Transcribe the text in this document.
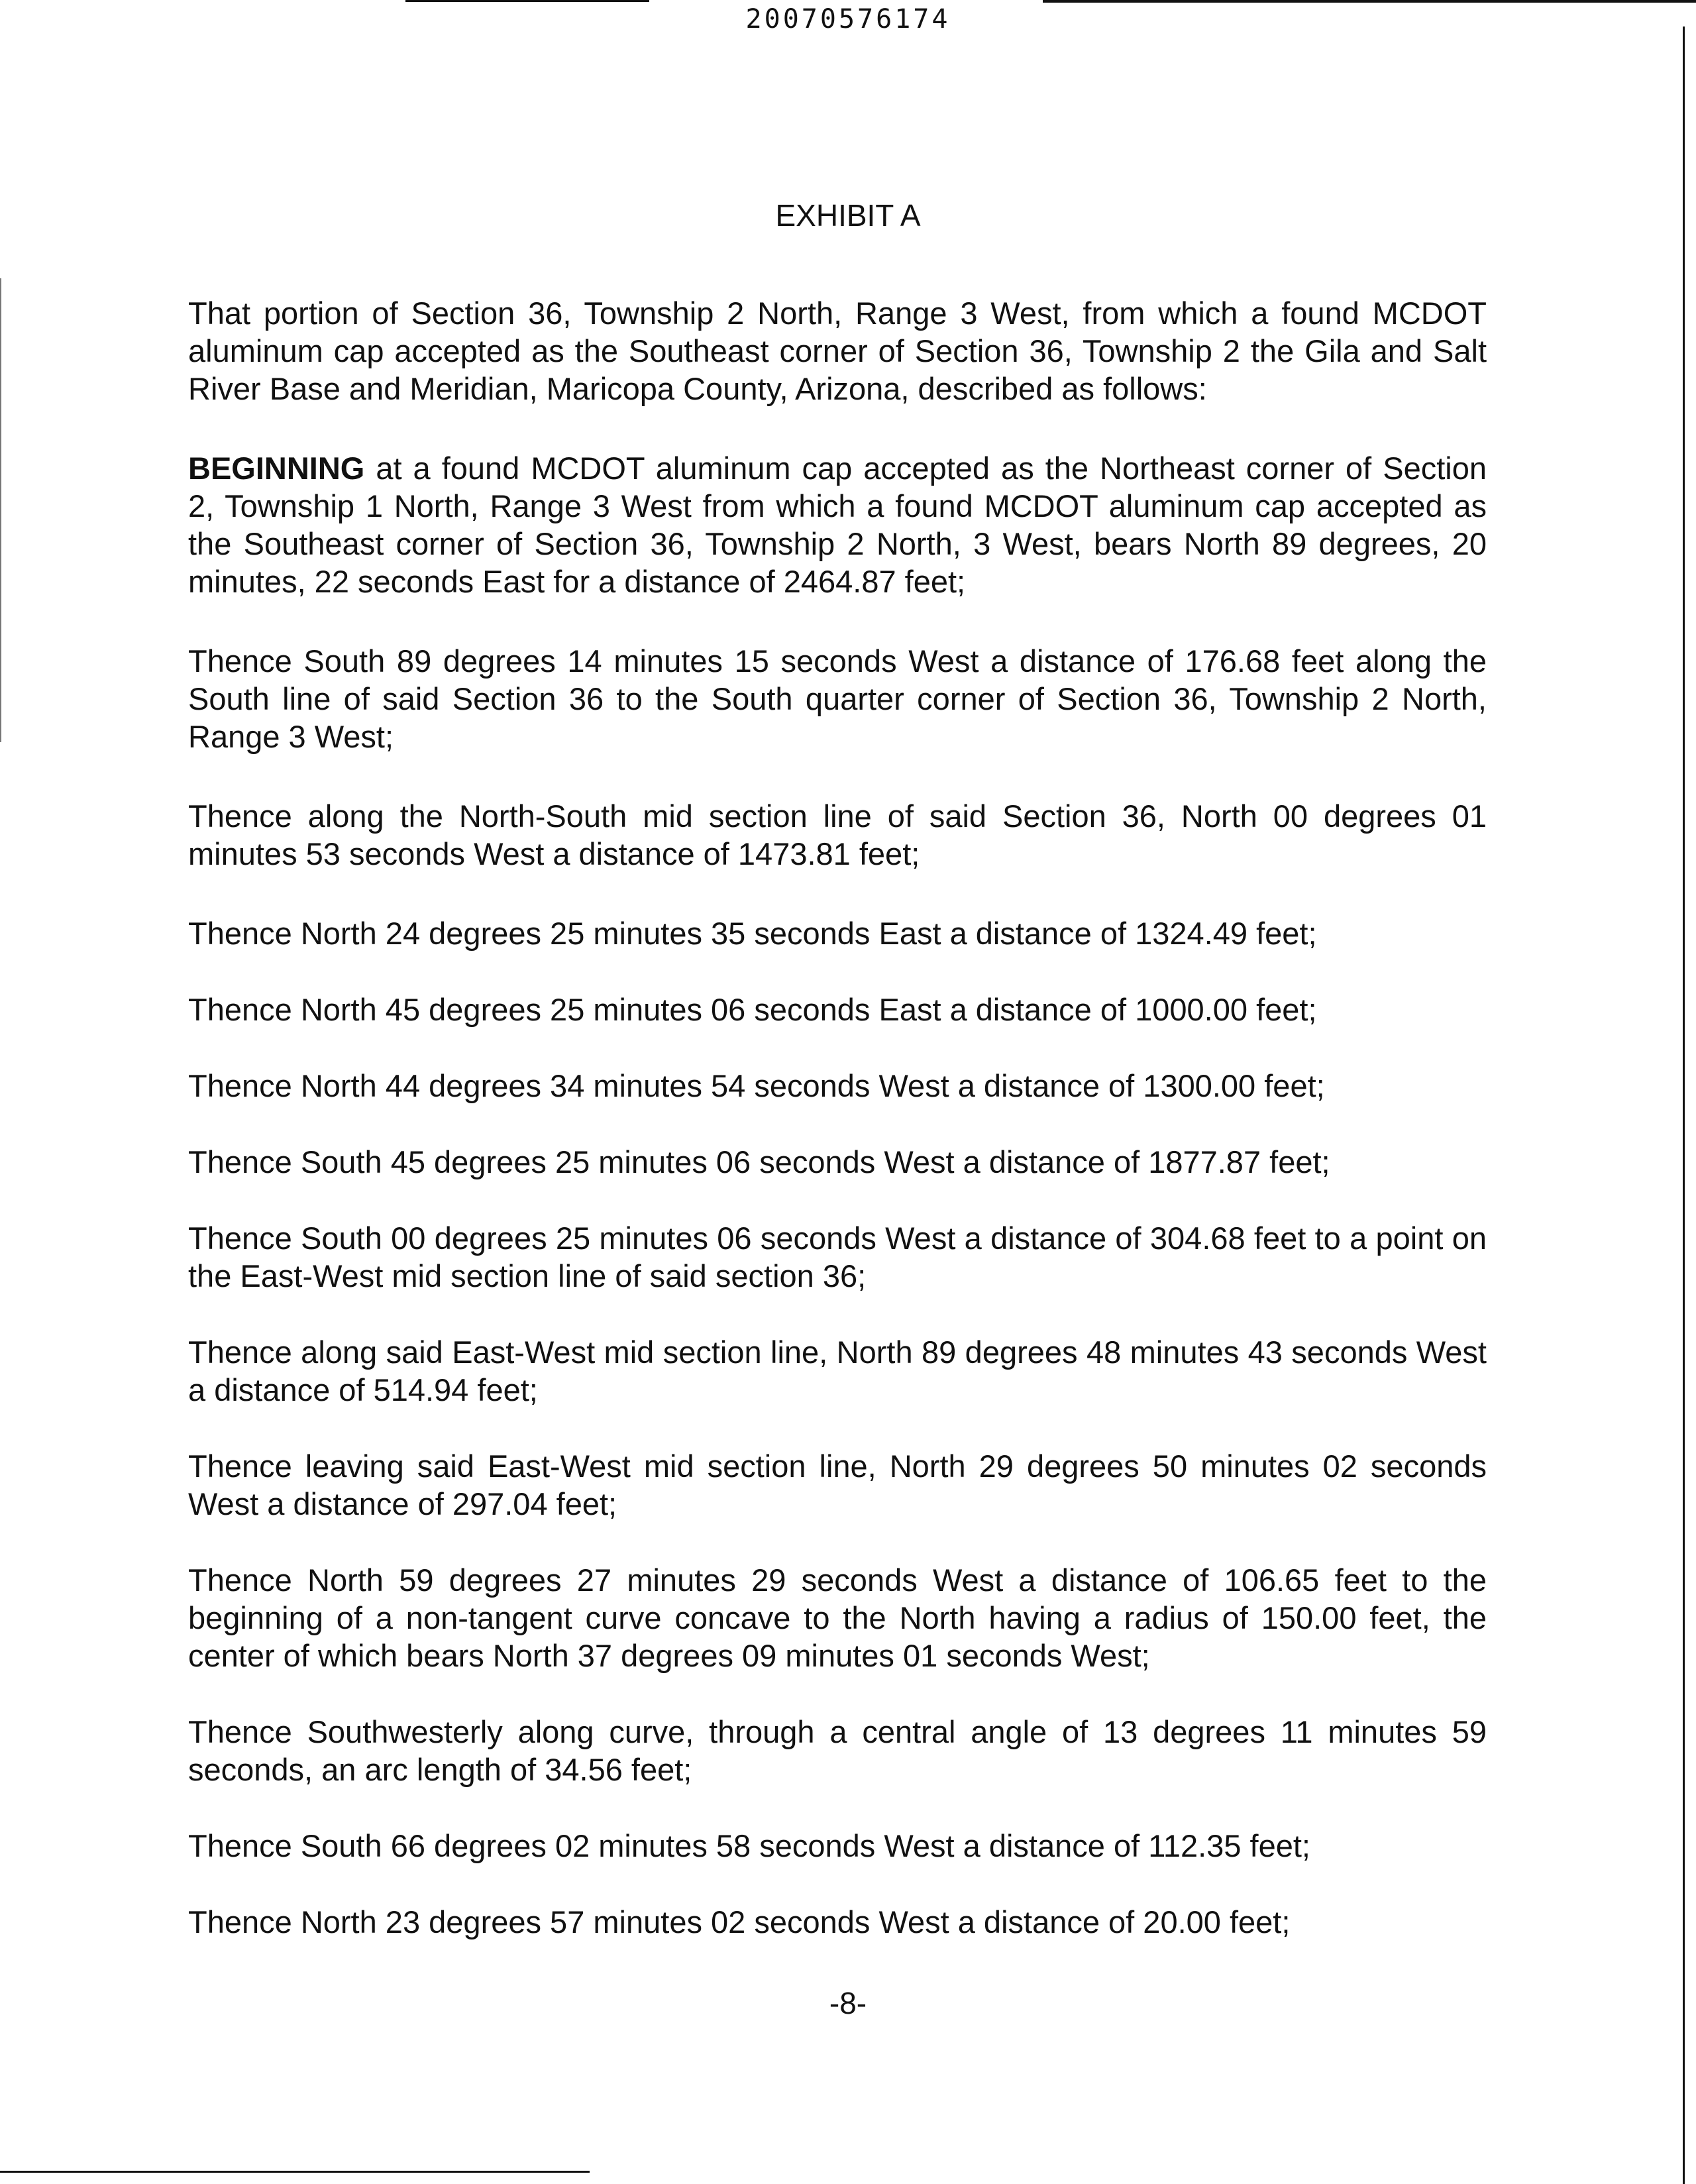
20070576174
EXHIBIT A

That portion of Section 36, Township 2 North, Range 3 West, from which a found MCDOT aluminum cap accepted as the Southeast corner of Section 36, Township 2 the Gila and Salt River Base and Meridian, Maricopa County, Arizona, described as follows:

BEGINNING at a found MCDOT aluminum cap accepted as the Northeast corner of Section 2, Township 1 North, Range 3 West from which a found MCDOT aluminum cap accepted as the Southeast corner of Section 36, Township 2 North, 3 West, bears North 89 degrees, 20 minutes, 22 seconds East for a distance of 2464.87 feet;

Thence South 89 degrees 14 minutes 15 seconds West a distance of 176.68 feet along the South line of said Section 36 to the South quarter corner of Section 36, Township 2 North, Range 3 West;

Thence along the North-South mid section line of said Section 36, North 00 degrees 01 minutes 53 seconds West a distance of 1473.81 feet;

Thence North 24 degrees 25 minutes 35 seconds East a distance of 1324.49 feet;

Thence North 45 degrees 25 minutes 06 seconds East a distance of 1000.00 feet;

Thence North 44 degrees 34 minutes 54 seconds West a distance of 1300.00 feet;

Thence South 45 degrees 25 minutes 06 seconds West a distance of 1877.87 feet;

Thence South 00 degrees 25 minutes 06 seconds West a distance of 304.68 feet to a point on the East-West mid section line of said section 36;

Thence along said East-West mid section line, North 89 degrees 48 minutes 43 seconds West a distance of 514.94 feet;

Thence leaving said East-West mid section line, North 29 degrees 50 minutes 02 seconds West a distance of 297.04 feet;

Thence North 59 degrees 27 minutes 29 seconds West a distance of 106.65 feet to the beginning of a non-tangent curve concave to the North having a radius of 150.00 feet, the center of which bears North 37 degrees 09 minutes 01 seconds West;

Thence Southwesterly along curve, through a central angle of 13 degrees 11 minutes 59 seconds, an arc length of 34.56 feet;

Thence South 66 degrees 02 minutes 58 seconds West a distance of 112.35 feet;

Thence North 23 degrees 57 minutes 02 seconds West a distance of 20.00 feet;

-8-
